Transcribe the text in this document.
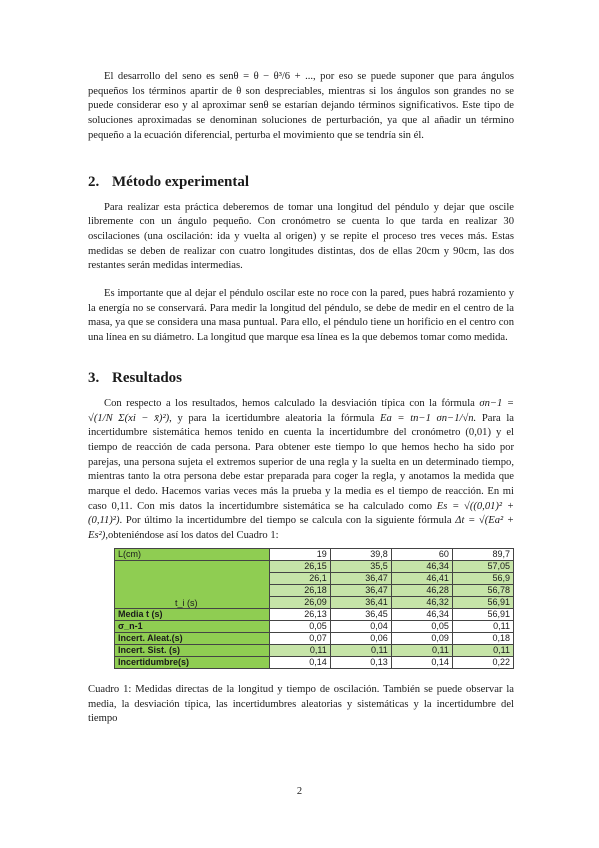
El desarrollo del seno es senθ = θ − θ³/6 + ..., por eso se puede suponer que para ángulos pequeños los términos apartir de θ son despreciables, mientras si los ángulos son grandes no se puede considerar eso y al aproximar senθ se estarían dejando términos significativos. Este tipo de soluciones aproximadas se denominan soluciones de perturbación, ya que al añadir un término pequeño a la ecuación diferencial, perturba el movimiento que se tendría sin él.

2. Método experimental

Para realizar esta práctica deberemos de tomar una longitud del péndulo y dejar que oscile libremente con un ángulo pequeño. Con cronómetro se cuenta lo que tarda en realizar 30 oscilaciones (una oscilación: ida y vuelta al origen) y se repite el proceso tres veces más. Estas medidas se deben de realizar con cuatro longitudes distintas, dos de ellas 20cm y 90cm, las dos restantes serán medidas intermedias.

Es importante que al dejar el péndulo oscilar este no roce con la pared, pues habrá rozamiento y la energía no se conservará. Para medir la longitud del péndulo, se debe de medir en el centro de la masa, ya que se considera una masa puntual. Para ello, el péndulo tiene un horificio en el centro con una línea en su diámetro. La longitud que marque esa línea es la que debemos tomar como medida.

3. Resultados

Con respecto a los resultados, hemos calculado la desviación típica con la fórmula σn−1 = √(1/N Σ(xi − x̄)²), y para la icertidumbre aleatoria la fórmula Ea = tn−1 σn−1/√n. Para la incertidumbre sistemática hemos tenido en cuenta la incertidumbre del cronómetro (0,01) y el tiempo de reacción de cada persona. Para obtener este tiempo lo que hemos hecho ha sido por parejas, una persona sujeta el extremos superior de una regla y la suelta en un determinado tiempo, mientras tanto la otra persona debe estar preparada para coger la regla, y anotamos la medida que marque el dedo. Hacemos varias veces más la prueba y la media es el tiempo de reacción. En mi caso 0,11. Con mis datos la incertidumbre sistemática se ha calculado como Es = √((0,01)² + (0,11)²). Por último la incertidumbre del tiempo se calcula con la siguiente fórmula Δt = √(Ea² + Es²),obteniéndose así los datos del Cuadro 1:

L(cm)	19	39,8	60	89,7
t_i (s)	26,15	35,5	46,34	57,05
	26,1	36,47	46,41	56,9
	26,18	36,47	46,28	56,78
	26,09	36,41	46,32	56,91
Media t (s)	26,13	36,45	46,34	56,91
σ_n-1	0,05	0,04	0,05	0,11
Incert. Aleat.(s)	0,07	0,06	0,09	0,18
Incert. Sist. (s)	0,11	0,11	0,11	0,11
Incertidumbre(s)	0,14	0,13	0,14	0,22

Cuadro 1: Medidas directas de la longitud y tiempo de oscilación. También se puede observar la media, la desviación típica, las incertidumbres aleatorias y sistemáticas y la incertidumbre del tiempo

2
